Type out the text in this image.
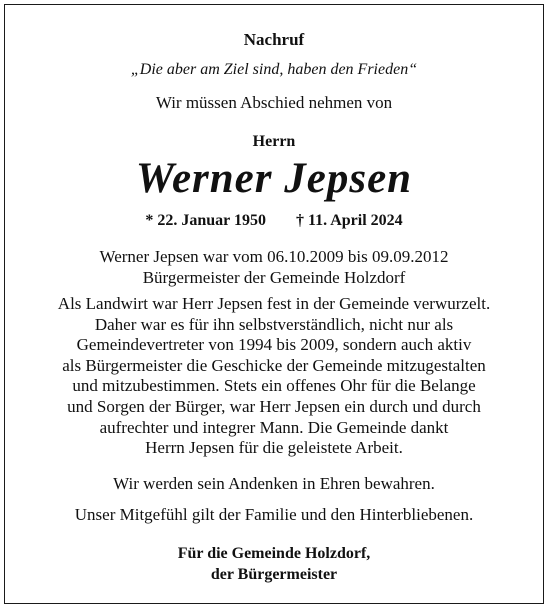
Nachruf

„Die aber am Ziel sind, haben den Frieden“

Wir müssen Abschied nehmen von

Herrn

Werner Jepsen

* 22. Januar 1950 † 11. April 2024

Werner Jepsen war vom 06.10.2009 bis 09.09.2012
Bürgermeister der Gemeinde Holzdorf
Als Landwirt war Herr Jepsen fest in der Gemeinde verwurzelt.
Daher war es für ihn selbstverständlich, nicht nur als
Gemeindevertreter von 1994 bis 2009, sondern auch aktiv
als Bürgermeister die Geschicke der Gemeinde mitzugestalten
und mitzubestimmen. Stets ein offenes Ohr für die Belange
und Sorgen der Bürger, war Herr Jepsen ein durch und durch
aufrechter und integrer Mann. Die Gemeinde dankt
Herrn Jepsen für die geleistete Arbeit.
Wir werden sein Andenken in Ehren bewahren.
Unser Mitgefühl gilt der Familie und den Hinterbliebenen.
Für die Gemeinde Holzdorf,
der Bürgermeister
